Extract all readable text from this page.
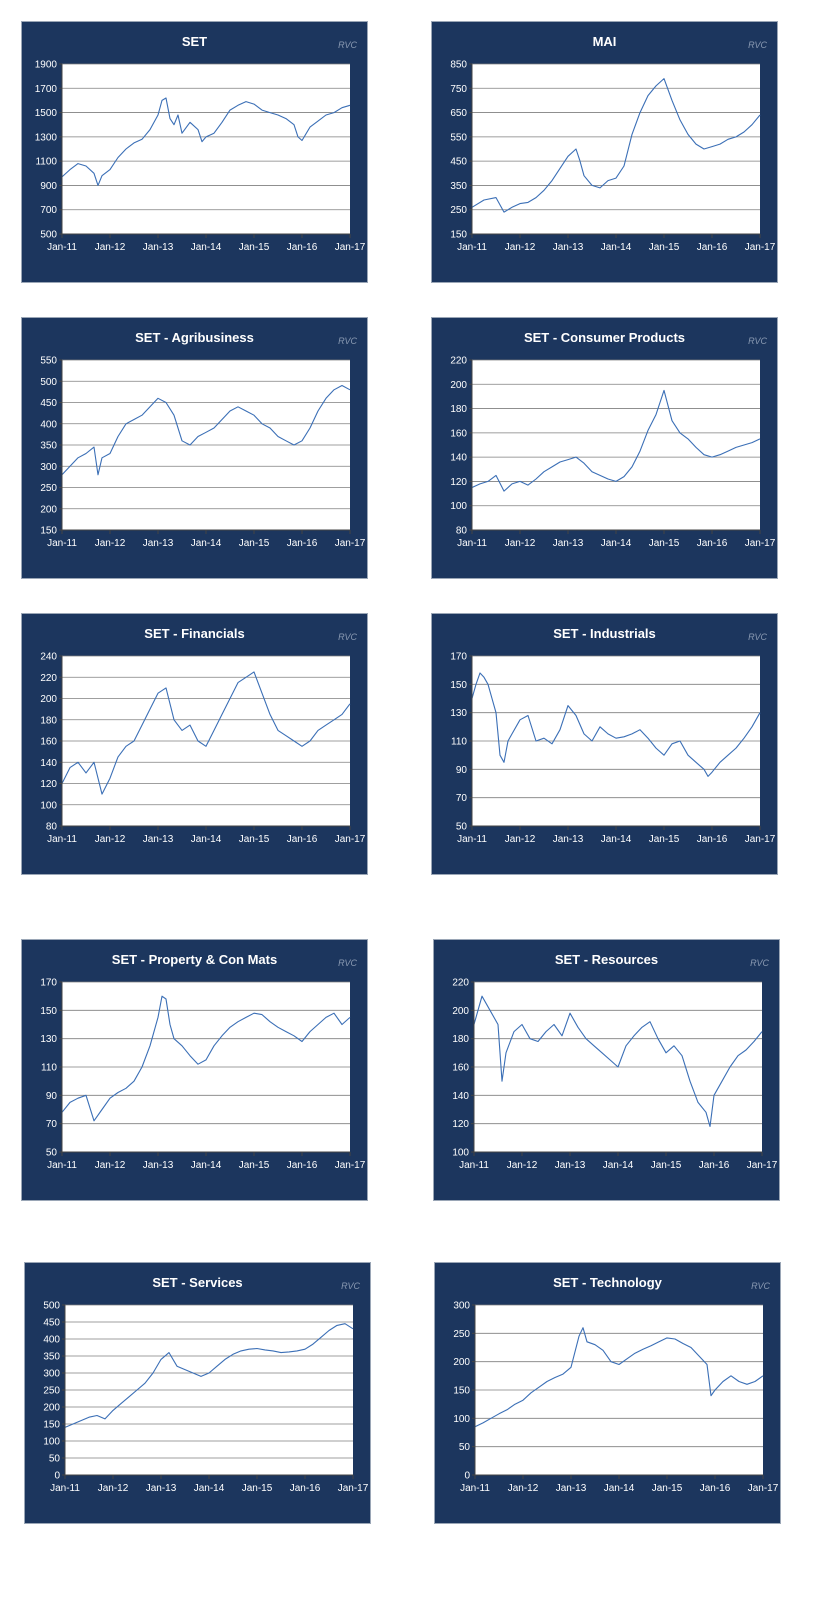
SET	RVC
500
700
900
1100
1300
1500
1700
1900
Jan-11 Jan-12 Jan-13 Jan-14 Jan-15 Jan-16 Jan-17
MAI	RVC
150
250
350
450
550
650
750
850
Jan-11 Jan-12 Jan-13 Jan-14 Jan-15 Jan-16 Jan-17
SET - Agribusiness	RVC
150
200
250
300
350
400
450
500
550
Jan-11 Jan-12 Jan-13 Jan-14 Jan-15 Jan-16 Jan-17
SET - Consumer Products	RVC
80
100
120
140
160
180
200
220
Jan-11 Jan-12 Jan-13 Jan-14 Jan-15 Jan-16 Jan-17
SET - Financials	RVC
80
100
120
140
160
180
200
220
240
Jan-11 Jan-12 Jan-13 Jan-14 Jan-15 Jan-16 Jan-17
SET - Industrials	RVC
50
70
90
110
130
150
170
Jan-11 Jan-12 Jan-13 Jan-14 Jan-15 Jan-16 Jan-17
SET - Property & Con Mats	RVC
50
70
90
110
130
150
170
Jan-11 Jan-12 Jan-13 Jan-14 Jan-15 Jan-16 Jan-17
SET - Resources	RVC
100
120
140
160
180
200
220
Jan-11 Jan-12 Jan-13 Jan-14 Jan-15 Jan-16 Jan-17
SET - Services	RVC
0
50
100
150
200
250
300
350
400
450
500
Jan-11 Jan-12 Jan-13 Jan-14 Jan-15 Jan-16 Jan-17
SET - Technology	RVC
0
50
100
150
200
250
300
Jan-11 Jan-12 Jan-13 Jan-14 Jan-15 Jan-16 Jan-17
